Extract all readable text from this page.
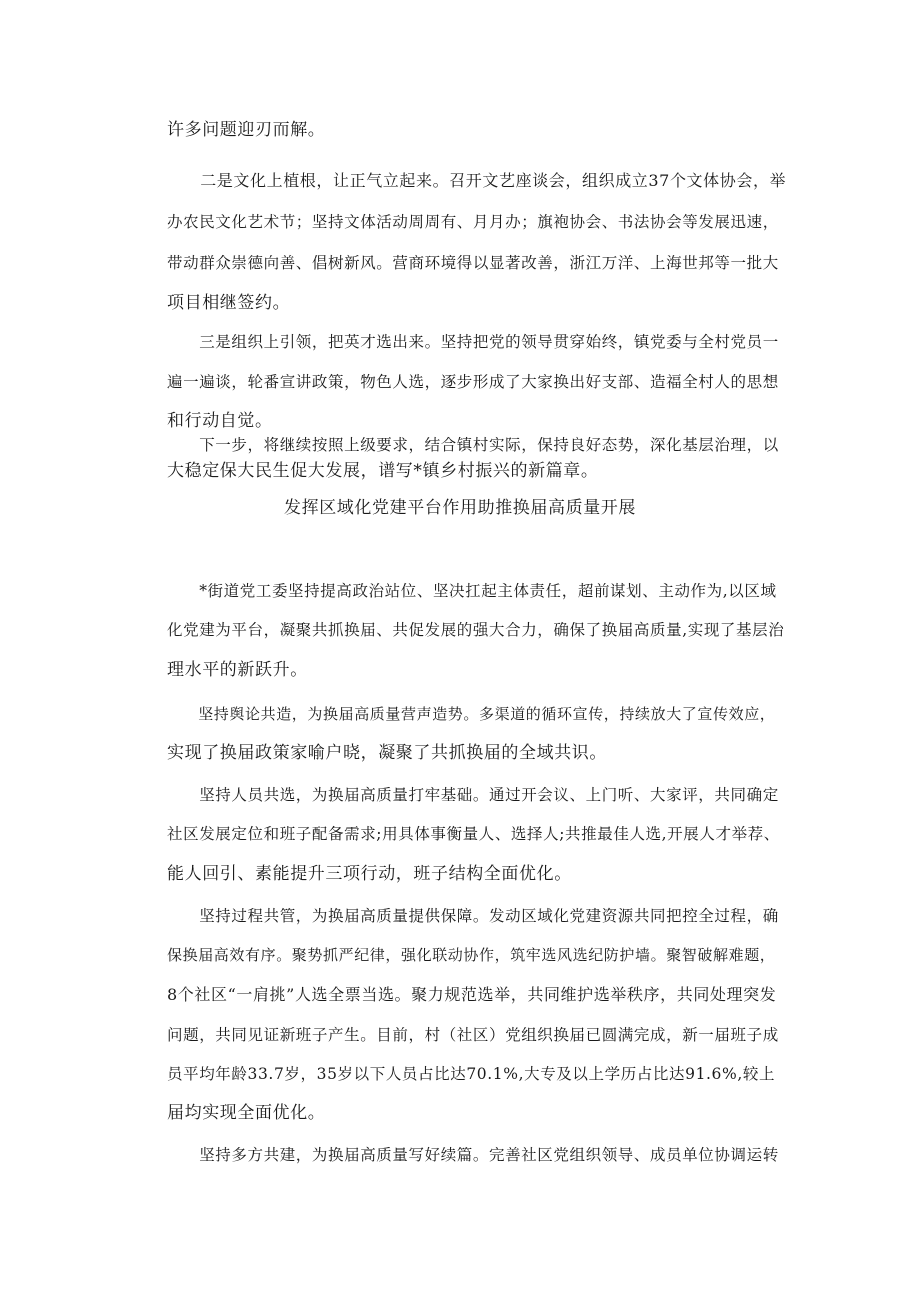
许多问题迎刃而解。

　　二是文化上植根，让正气立起来。召开文艺座谈会，组织成立37个文体协会，举

办农民文化艺术节；坚持文体活动周周有、月月办；旗袍协会、书法协会等发展迅速，

带动群众崇德向善、倡树新风。营商环境得以显著改善，浙江万洋、上海世邦等一批大

项目相继签约。

　　三是组织上引领，把英才选出来。坚持把党的领导贯穿始终，镇党委与全村党员一

遍一遍谈，轮番宣讲政策，物色人选，逐步形成了大家换出好支部、造福全村人的思想

和行动自觉。

　　下一步，将继续按照上级要求，结合镇村实际，保持良好态势，深化基层治理，以

大稳定保大民生促大发展，谱写*镇乡村振兴的新篇章。

发挥区域化党建平台作用助推换届高质量开展

　　*街道党工委坚持提高政治站位、坚决扛起主体责任，超前谋划、主动作为,以区域

化党建为平台，凝聚共抓换届、共促发展的强大合力，确保了换届高质量,实现了基层治

理水平的新跃升。

　　坚持舆论共造，为换届高质量营声造势。多渠道的循环宣传，持续放大了宣传效应，

实现了换届政策家喻户晓，凝聚了共抓换届的全域共识。

　　坚持人员共选，为换届高质量打牢基础。通过开会议、上门听、大家评，共同确定

社区发展定位和班子配备需求;用具体事衡量人、选择人;共推最佳人选,开展人才举荐、

能人回引、素能提升三项行动，班子结构全面优化。

　　坚持过程共管，为换届高质量提供保障。发动区域化党建资源共同把控全过程，确

保换届高效有序。聚势抓严纪律，强化联动协作，筑牢选风选纪防护墙。聚智破解难题，

8个社区“一肩挑”人选全票当选。聚力规范选举，共同维护选举秩序，共同处理突发

问题，共同见证新班子产生。目前，村（社区）党组织换届已圆满完成，新一届班子成

员平均年龄33.7岁，35岁以下人员占比达70.1%,大专及以上学历占比达91.6%,较上

届均实现全面优化。

　　坚持多方共建，为换届高质量写好续篇。完善社区党组织领导、成员单位协调运转
